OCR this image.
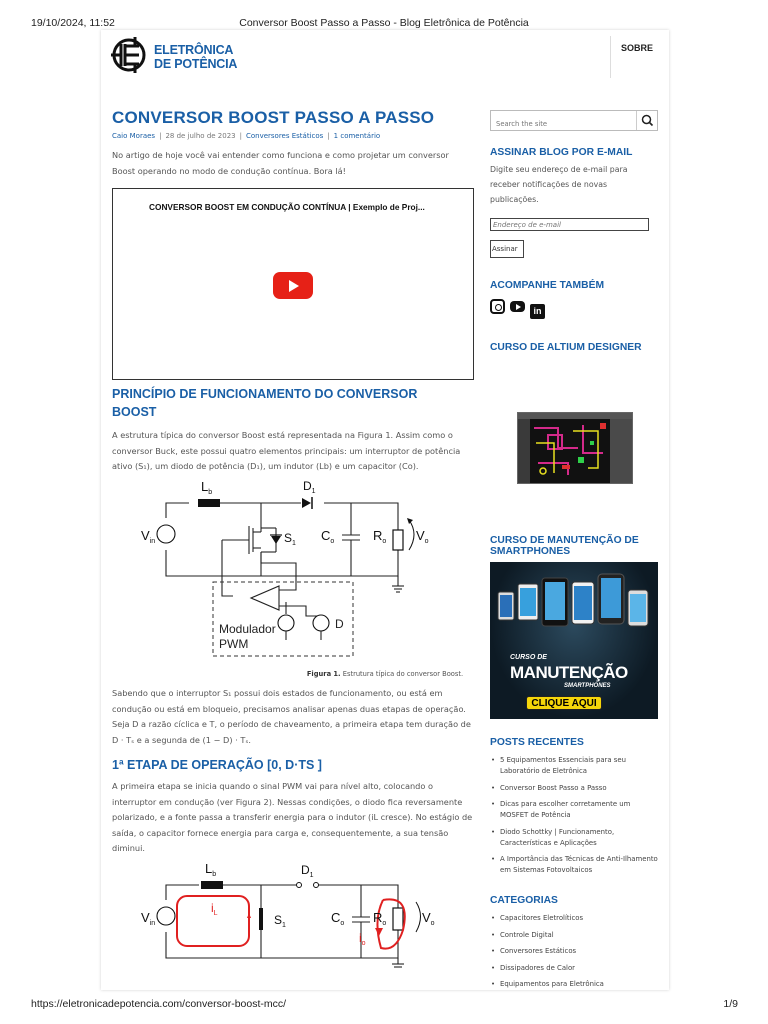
19/10/2024, 11:52	Conversor Boost Passo a Passo - Blog Eletrônica de Potência
ELETRÔNICA
DE POTÊNCIA
SOBRE
CONVERSOR BOOST PASSO A PASSO
Caio Moraes | 28 de julho de 2023 | Conversores Estáticos | 1 comentário

No artigo de hoje você vai entender como funciona e como projetar um conversor Boost operando no modo de condução contínua. Bora lá!

CONVERSOR BOOST EM CONDUÇÃO CONTÍNUA | Exemplo de Proj...
PRINCÍPIO DE FUNCIONAMENTO DO CONVERSOR BOOST

A estrutura típica do conversor Boost está representada na Figura 1. Assim como o conversor Buck, este possui quatro elementos principais: um interruptor de potência ativo (S₁), um diodo de potência (D₁), um indutor (Lb) e um capacitor (Co).

$V_{in}$
$L_b$	$D_1$
$S_1$
$C_o$	$R_o$ $V_o$
Modulador
PWM
D
Figura 1. Estrutura típica do conversor Boost.

Sabendo que o interruptor S₁ possui dois estados de funcionamento, ou está em condução ou está em bloqueio, precisamos analisar apenas duas etapas de operação. Seja D a razão cíclica e T, o período de chaveamento, a primeira etapa tem duração de D · Tₛ e a segunda de (1 − D) · Tₛ.

1ª ETAPA DE OPERAÇÃO [0, D·TS ]

A primeira etapa se inicia quando o sinal PWM vai para nível alto, colocando o interruptor em condução (ver Figura 2). Nessas condições, o diodo fica reversamente polarizado, e a fonte passa a transferir energia para o indutor (iL cresce). No estágio de saída, o capacitor fornece energia para carga e, consequentemente, a sua tensão diminui.

$V_{in}$
$L_b$	$D_1$
$i_L$	$S_1$
$C_o$ $R_o$
$i_o$
$V_o$
Search the site
ASSINAR BLOG POR E-MAIL
Digite seu endereço de e-mail para receber notificações de novas publicações.
Endereço de e-mail
Assinar
ACOMPANHE TAMBÉM
in
CURSO DE ALTIUM DESIGNER
CURSO DE MANUTENÇÃO DE SMARTPHONES
CURSO DE
MANUTENÇÃO
SMARTPHONES
CLIQUE AQUI
POSTS RECENTES
• 5 Equipamentos Essenciais para seu Laboratório de Eletrônica
• Conversor Boost Passo a Passo
• Dicas para escolher corretamente um MOSFET de Potência
• Diodo Schottky | Funcionamento, Características e Aplicações
• A Importância das Técnicas de Anti-Ilhamento em Sistemas Fotovoltaicos
CATEGORIAS
• Capacitores Eletrolíticos
• Controle Digital
• Conversores Estáticos
• Dissipadores de Calor
• Equipamentos para Eletrônica
https://eletronicadepotencia.com/conversor-boost-mcc/	1/9
